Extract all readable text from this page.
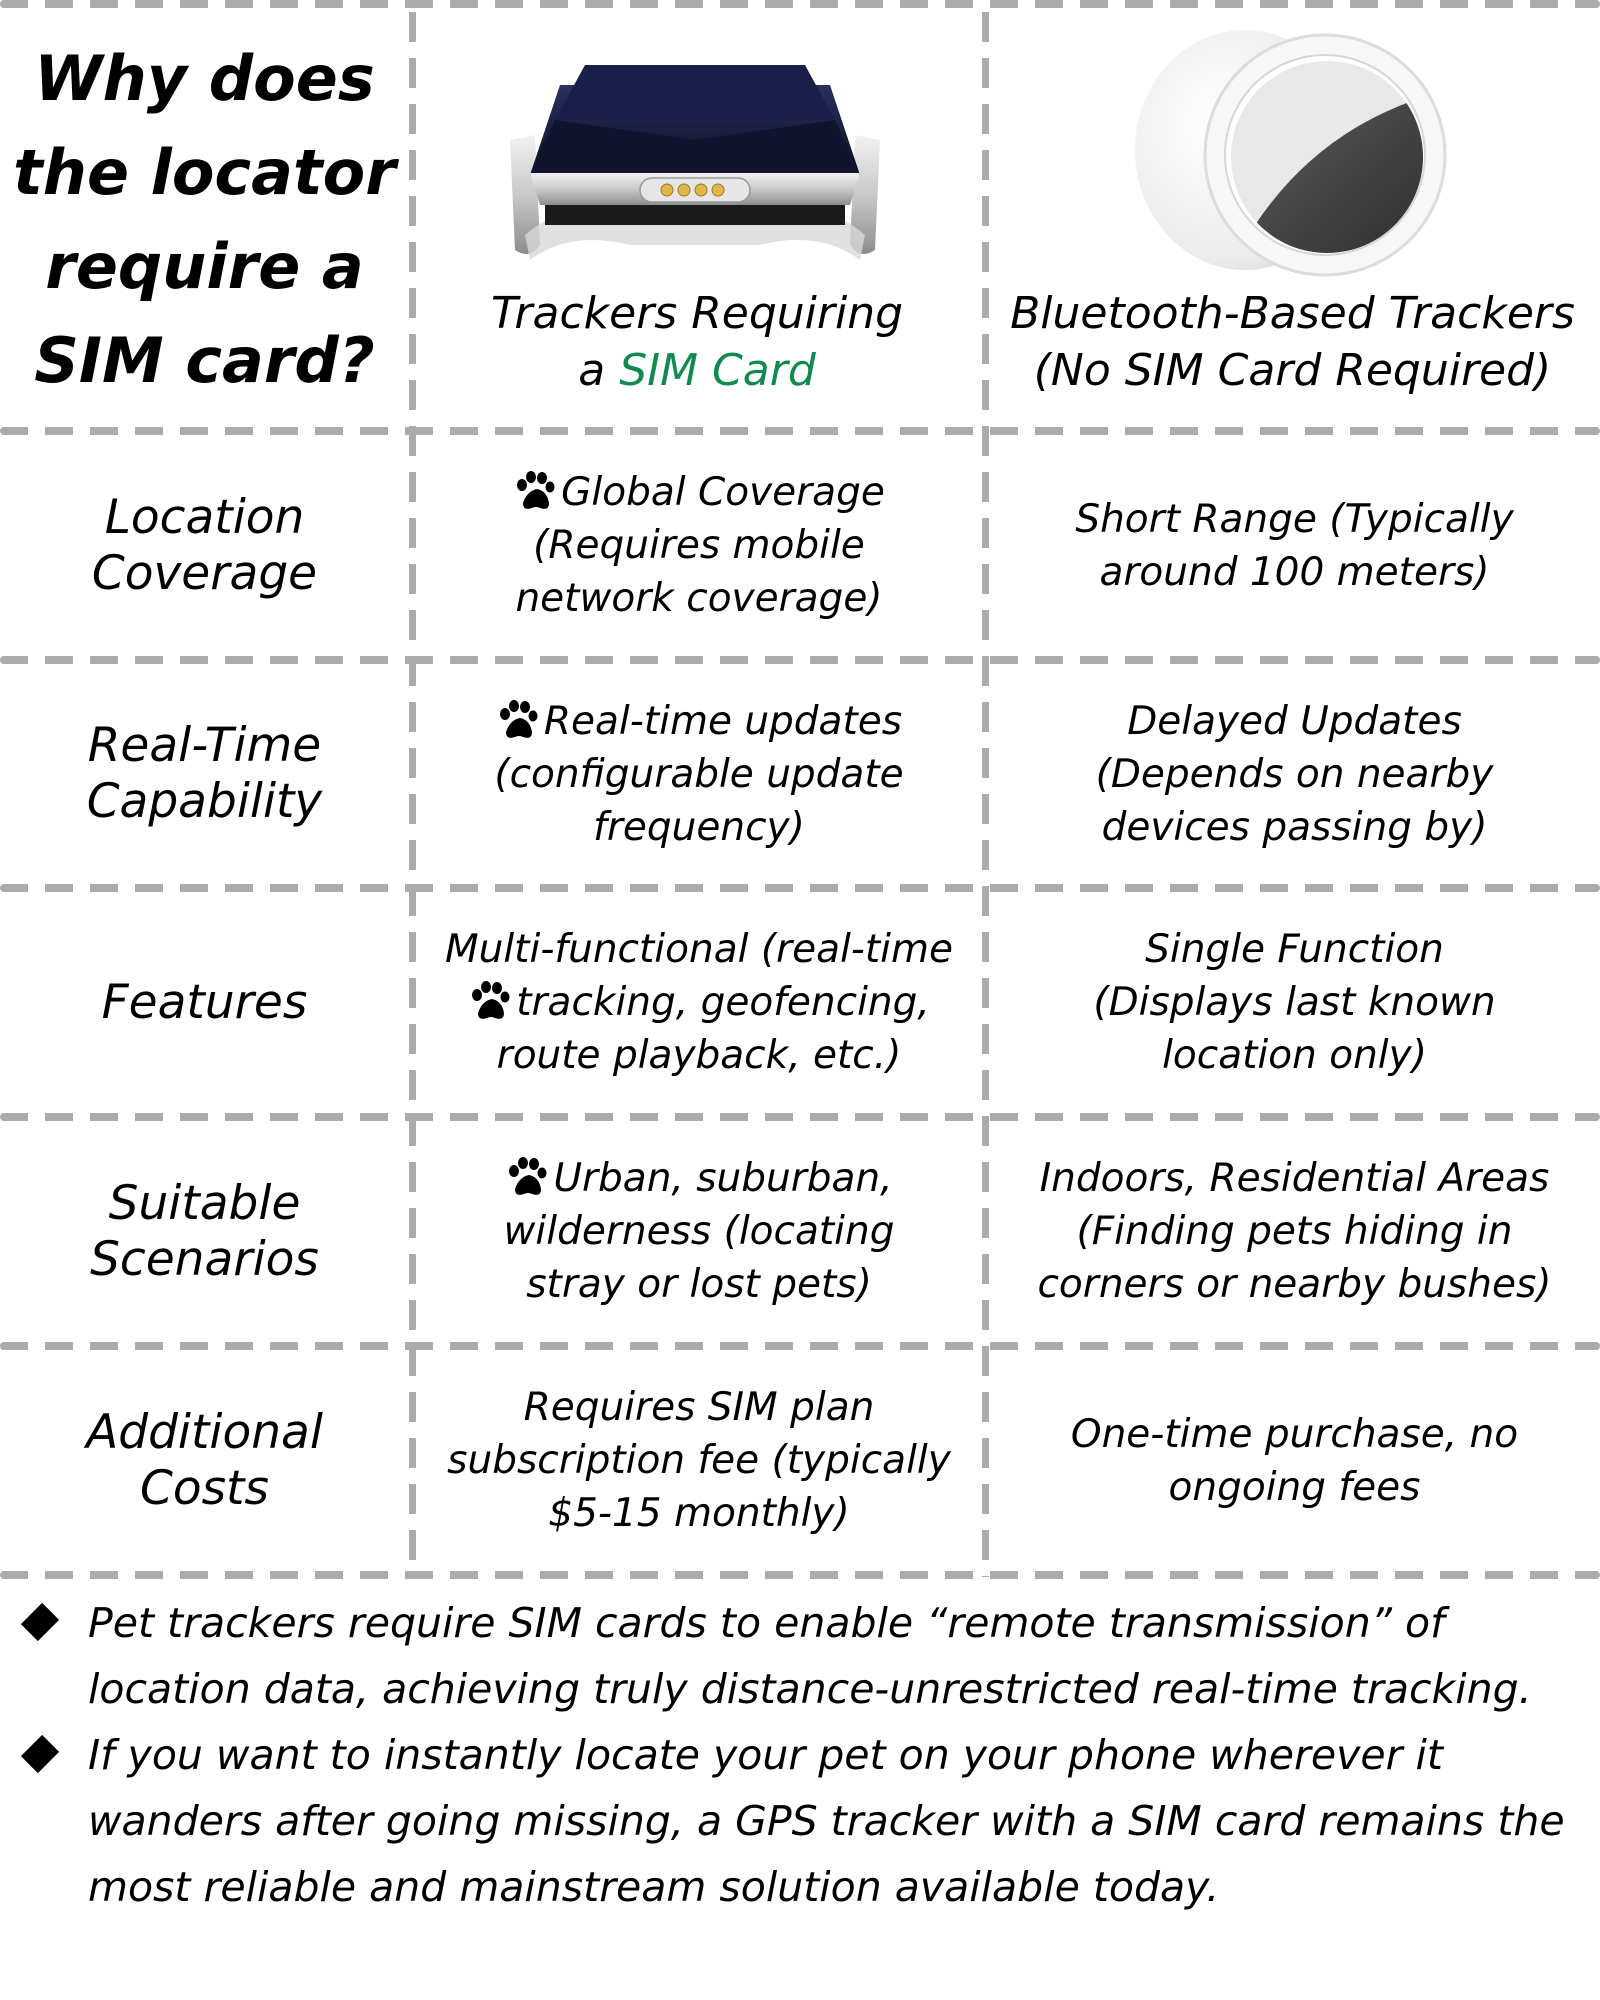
Why does
the locator
require a
SIM card?
Trackers Requiring
a SIM Card
Bluetooth-Based Trackers
(No SIM Card Required)
Location
Coverage
Global Coverage
(Requires mobile
network coverage)
Short Range (Typically
around 100 meters)
Real-Time
Capability
Real-time updates
(configurable update
frequency)
Delayed Updates
(Depends on nearby
devices passing by)
Features
Multi-functional (real-time
tracking, geofencing,
route playback, etc.)
Single Function
(Displays last known
location only)
Suitable
Scenarios
Urban, suburban,
wilderness (locating
stray or lost pets)
Indoors, Residential Areas
(Finding pets hiding in
corners or nearby bushes)
Additional
Costs
Requires SIM plan
subscription fee (typically
$5-15 monthly)
One-time purchase, no
ongoing fees
Pet trackers require SIM cards to enable “remote transmission” of location data, achieving truly distance-unrestricted real-time tracking.
If you want to instantly locate your pet on your phone wherever it wanders after going missing, a GPS tracker with a SIM card remains the most reliable and mainstream solution available today.
